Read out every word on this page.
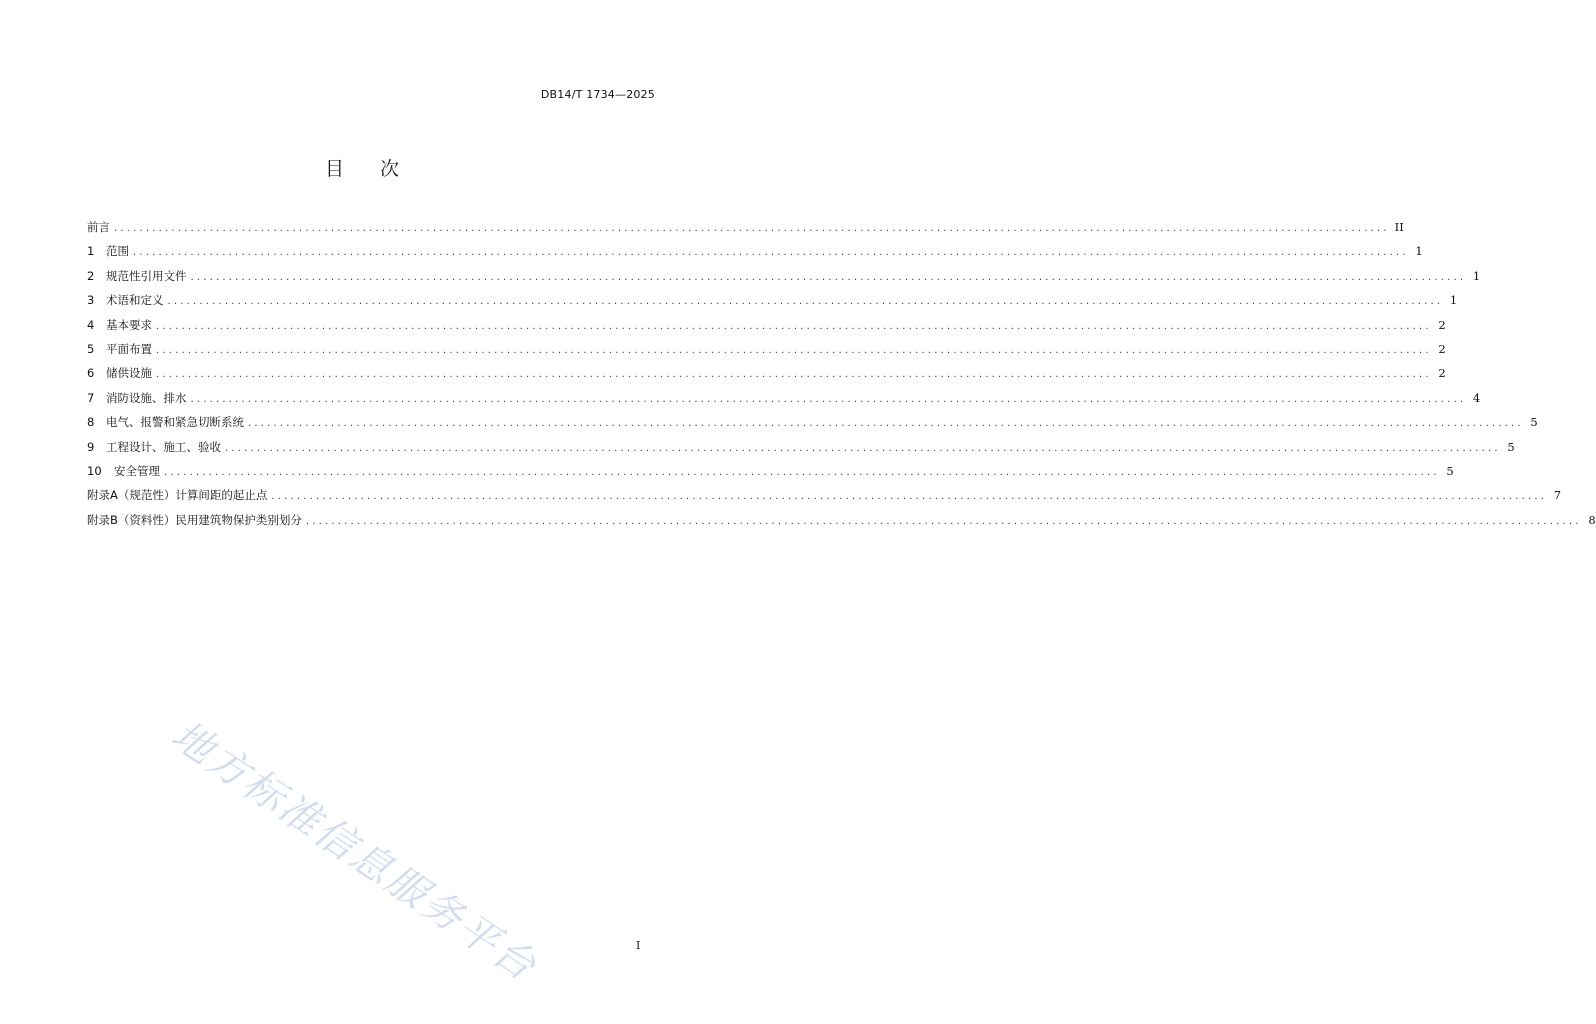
DB14/T 1734—2025
目 次
前言 ........................................................................................................................................................................................................ II
1	范围 ........................................................................................................................................................................................................ 1
2	规范性引用文件 ........................................................................................................................................................................................................ 1
3	术语和定义 ........................................................................................................................................................................................................ 1
4	基本要求 ........................................................................................................................................................................................................ 2
5	平面布置 ........................................................................................................................................................................................................ 2
6	储供设施 ........................................................................................................................................................................................................ 2
7	消防设施、排水 ........................................................................................................................................................................................................ 4
8	电气、报警和紧急切断系统 ........................................................................................................................................................................................................ 5
9	工程设计、施工、验收 ........................................................................................................................................................................................................ 5
10	安全管理 ........................................................................................................................................................................................................ 5
附录A（规范性）计算间距的起止点 ........................................................................................................................................................................................................ 7
附录B（资料性）民用建筑物保护类别划分 ........................................................................................................................................................................................................ 8
地方标准信息服务平台	I
